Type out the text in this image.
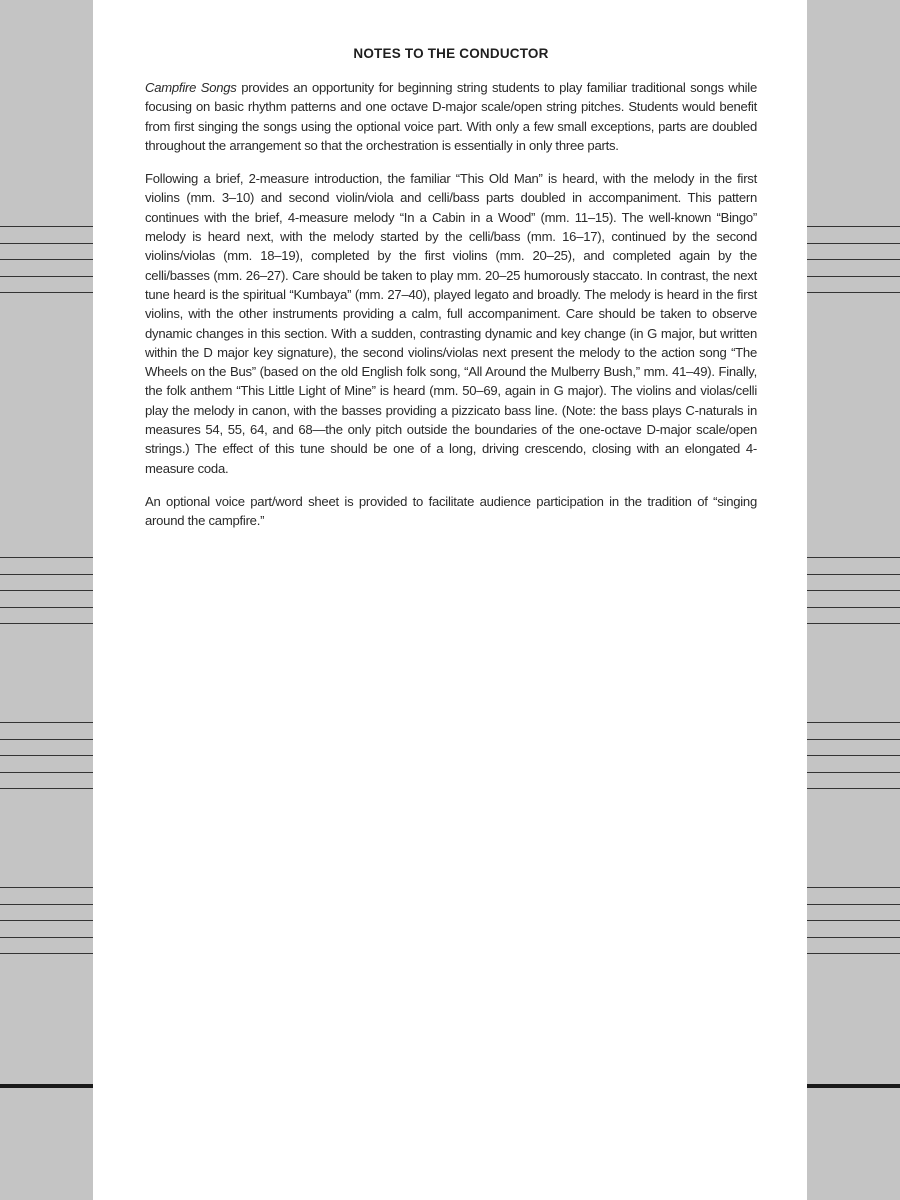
NOTES TO THE CONDUCTOR

Campfire Songs provides an opportunity for beginning string students to play familiar traditional songs while focusing on basic rhythm patterns and one octave D-major scale/open string pitches. Students would benefit from first singing the songs using the optional voice part. With only a few small exceptions, parts are doubled throughout the arrangement so that the orchestration is essentially in only three parts.

Following a brief, 2-measure introduction, the familiar “This Old Man” is heard, with the melody in the first violins (mm. 3–10) and second violin/viola and celli/bass parts doubled in accompaniment. This pattern continues with the brief, 4-measure melody “In a Cabin in a Wood” (mm. 11–15). The well-known “Bingo” melody is heard next, with the melody started by the celli/bass (mm. 16–17), continued by the second violins/violas (mm. 18–19), completed by the first violins (mm. 20–25), and completed again by the celli/basses (mm. 26–27). Care should be taken to play mm. 20–25 humorously staccato. In contrast, the next tune heard is the spiritual “Kumbaya” (mm. 27–40), played legato and broadly. The melody is heard in the first violins, with the other instruments providing a calm, full accompaniment. Care should be taken to observe dynamic changes in this section. With a sudden, contrasting dynamic and key change (in G major, but written within the D major key signature), the second violins/violas next present the melody to the action song “The Wheels on the Bus” (based on the old English folk song, “All Around the Mulberry Bush,” mm. 41–49). Finally, the folk anthem “This Little Light of Mine” is heard (mm. 50–69, again in G major). The violins and violas/celli play the melody in canon, with the basses providing a pizzicato bass line. (Note: the bass plays C-naturals in measures 54, 55, 64, and 68—the only pitch outside the boundaries of the one-octave D-major scale/open strings.) The effect of this tune should be one of a long, driving crescendo, closing with an elongated 4-measure coda.

An optional voice part/word sheet is provided to facilitate audience participation in the tradition of “singing around the campfire.”
